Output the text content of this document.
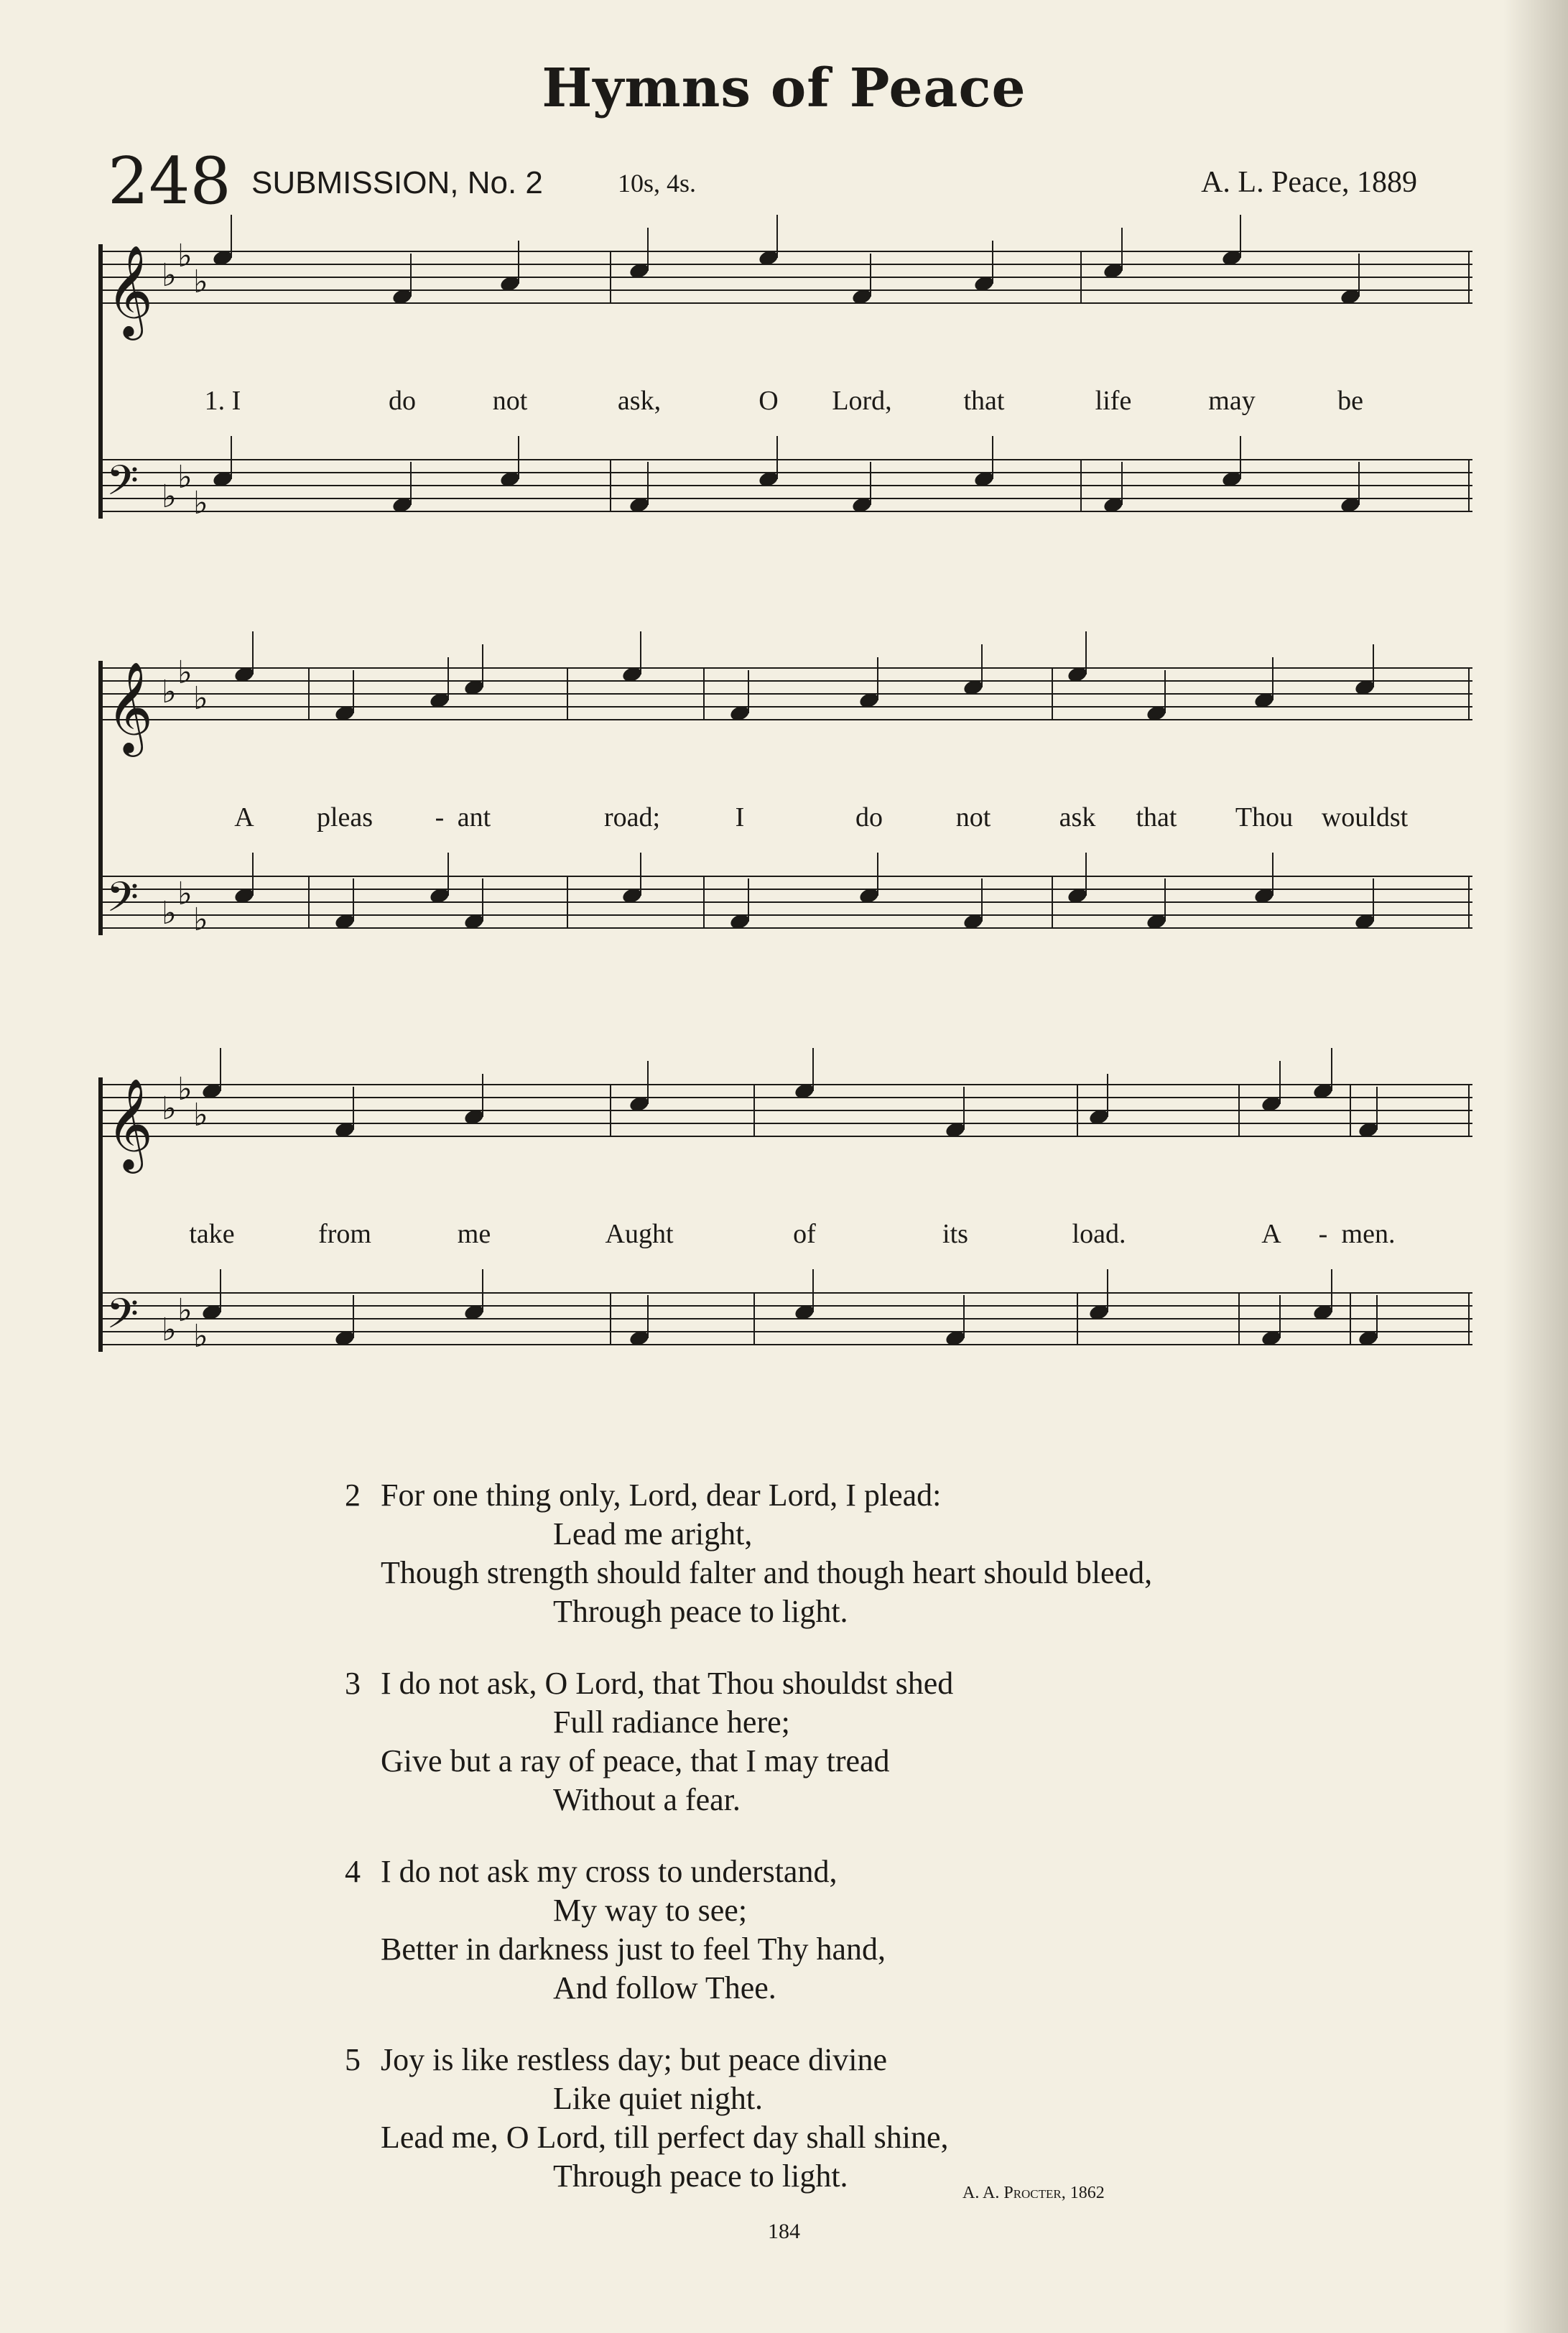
Hymns of Peace
248 SUBMISSION, No. 2	10s, 4s.	A. L. Peace, 1889
𝄞
𝄢
♭
♭
♭
♭
♭
♭
1. I	do	not	ask,	O Lord,	that	life	may	be
𝄞
𝄢
♭
♭
♭
♭
♭
♭
A pleas - ant	road;	I	do	not	ask that Thou wouldst
𝄞
𝄢
♭
♭
♭
♭
♭
♭
take	from	me	Aught	of	its	load.	A - men.
2 For one thing only, Lord, dear Lord, I plead:
Lead me aright,
Though strength should falter and though heart should bleed,
Through peace to light.
3 I do not ask, O Lord, that Thou shouldst shed
Full radiance here;
Give but a ray of peace, that I may tread
Without a fear.
4 I do not ask my cross to understand,
My way to see;
Better in darkness just to feel Thy hand,
And follow Thee.
5 Joy is like restless day; but peace divine
Like quiet night.
Lead me, O Lord, till perfect day shall shine,
Through peace to light.	A. A. Procter, 1862
184
